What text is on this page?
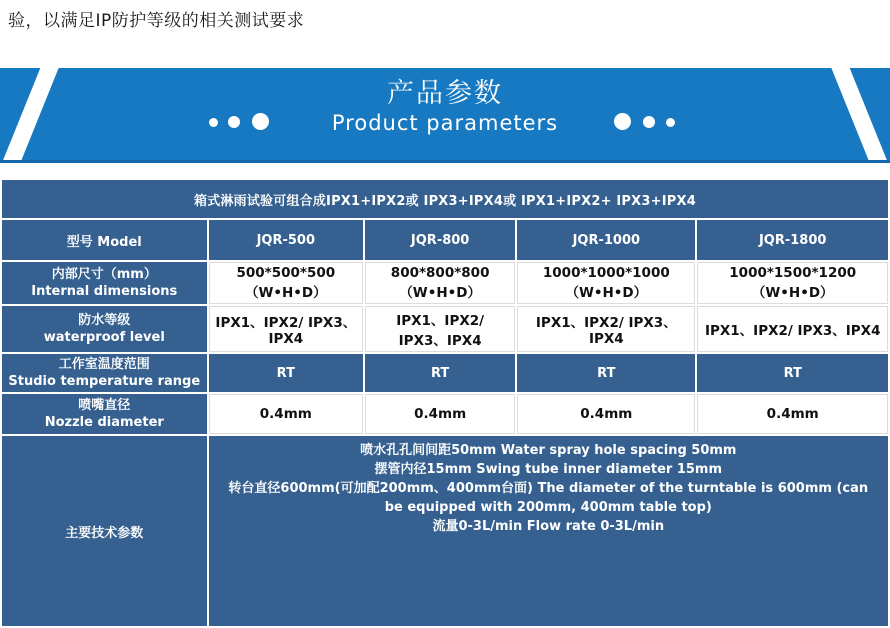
验，以满足IP防护等级的相关测试要求

产品参数
Product parameters
箱式淋雨试验可组合成IPX1+IPX2或 IPX3+IPX4或 IPX1+IPX2+ IPX3+IPX4				
型号 Model	JQR-500	JQR-800	JQR-1000	JQR-1800

内部尺寸（mm）
Internal dimensions	500*500*500（W•H•D）	800*800*800（W•H•D）	1000*1000*1000（W•H•D）	1000*1500*1200（W•H•D）

防水等级
waterproof level	IPX1、IPX2/ IPX3、IPX4	IPX1、IPX2/ IPX3、IPX4	IPX1、IPX2/ IPX3、IPX4	IPX1、IPX2/ IPX3、IPX4

工作室温度范围
Studio temperature range	RT	RT	RT	RT

喷嘴直径
Nozzle diameter	0.4mm	0.4mm	0.4mm	0.4mm
主要技术参数	喷水孔孔间间距50mm Water spray hole spacing 50mm
摆管内径15mm Swing tube inner diameter 15mm
转台直径600mm(可加配200mm、400mm台面) The diameter of the turntable is 600mm (can be equipped with 200mm, 400mm table top)
流量0-3L/min Flow rate 0-3L/min			
